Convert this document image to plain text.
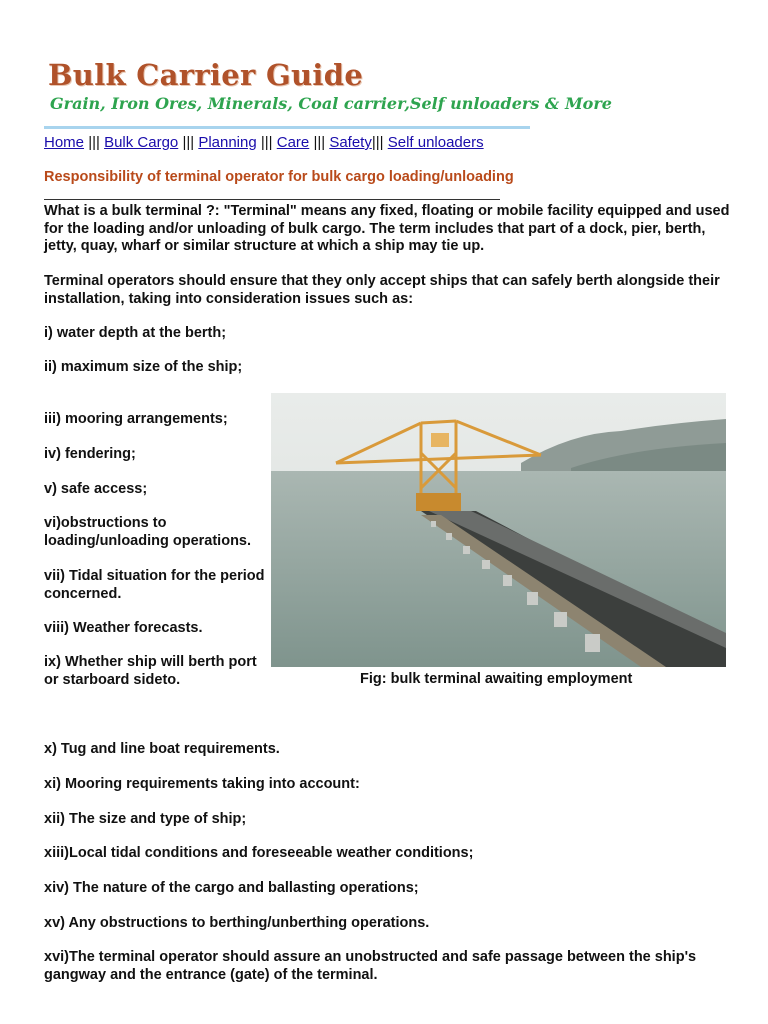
Bulk Carrier Guide
Grain, Iron Ores, Minerals, Coal carrier,Self unloaders & More
Home ||| Bulk Cargo ||| Planning ||| Care ||| Safety||| Self unloaders
Responsibility of terminal operator for bulk cargo loading/unloading
What is a bulk terminal ?: "Terminal" means any fixed, floating or mobile facility equipped and used for the loading and/or unloading of bulk cargo. The term includes that part of a dock, pier, berth, jetty, quay, wharf or similar structure at which a ship may tie up.
Terminal operators should ensure that they only accept ships that can safely berth alongside their installation, taking into consideration issues such as:
i) water depth at the berth;
ii) maximum size of the ship;
iii) mooring arrangements;
iv) fendering;
v) safe access;
vi)obstructions to loading/unloading operations.
vii) Tidal situation for the period concerned.
viii) Weather forecasts.
ix) Whether ship will berth port or starboard sideto.	Fig: bulk terminal awaiting employment
x) Tug and line boat requirements.
xi) Mooring requirements taking into account:
xii) The size and type of ship;
xiii)Local tidal conditions and foreseeable weather conditions;
xiv) The nature of the cargo and ballasting operations;
xv) Any obstructions to berthing/unberthing operations.
xvi)The terminal operator should assure an unobstructed and safe passage between the ship's gangway and the entrance (gate) of the terminal.
